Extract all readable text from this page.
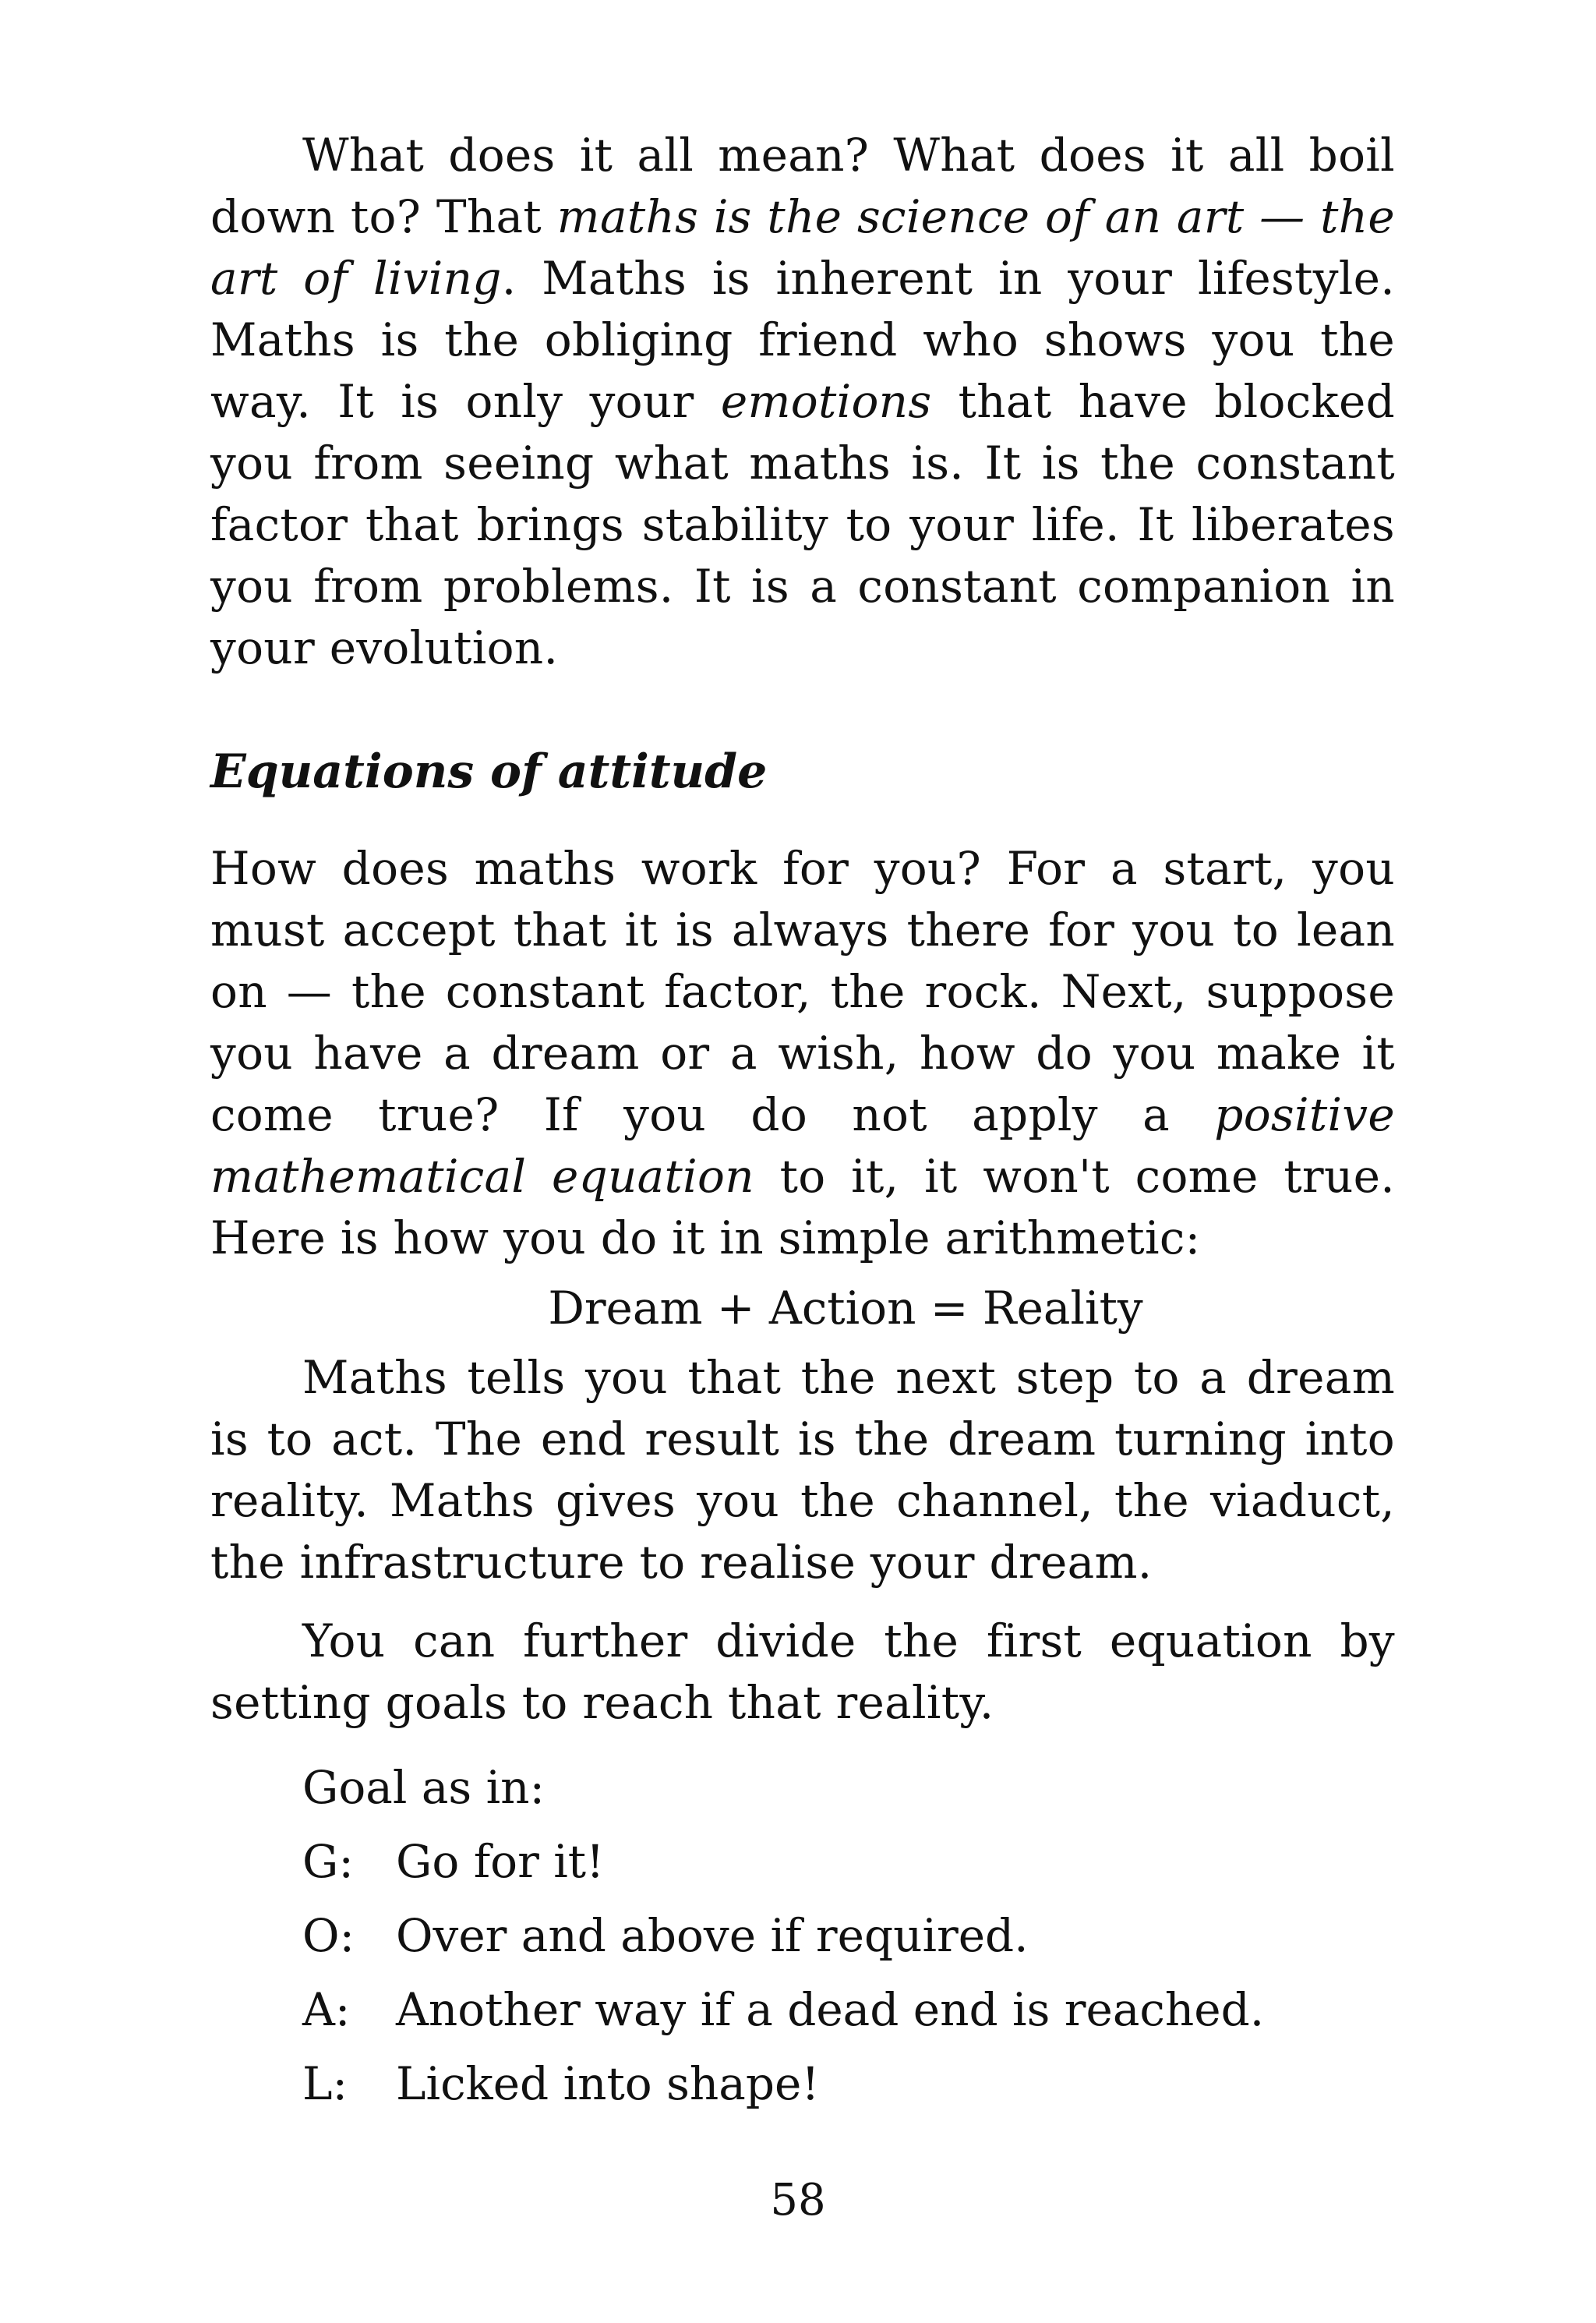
What does it all mean? What does it all boil down to? That maths is the science of an art — the art of living. Maths is inherent in your lifestyle. Maths is the obliging friend who shows you the way. It is only your emotions that have blocked you from seeing what maths is. It is the constant factor that brings stability to your life. It liberates you from problems. It is a constant companion in your evolution.

Equations of attitude

How does maths work for you? For a start, you must accept that it is always there for you to lean on — the constant factor, the rock. Next, suppose you have a dream or a wish, how do you make it come true? If you do not apply a positive mathematical equation to it, it won't come true. Here is how you do it in simple arithmetic:

Dream + Action = Reality

Maths tells you that the next step to a dream is to act. The end result is the dream turning into reality. Maths gives you the channel, the viaduct, the infrastructure to realise your dream.

You can further divide the first equation by setting goals to reach that reality.

Goal as in:

G: Go for it!
O: Over and above if required.
A:	Another way if a dead end is reached.
L:	Licked into shape!
58
